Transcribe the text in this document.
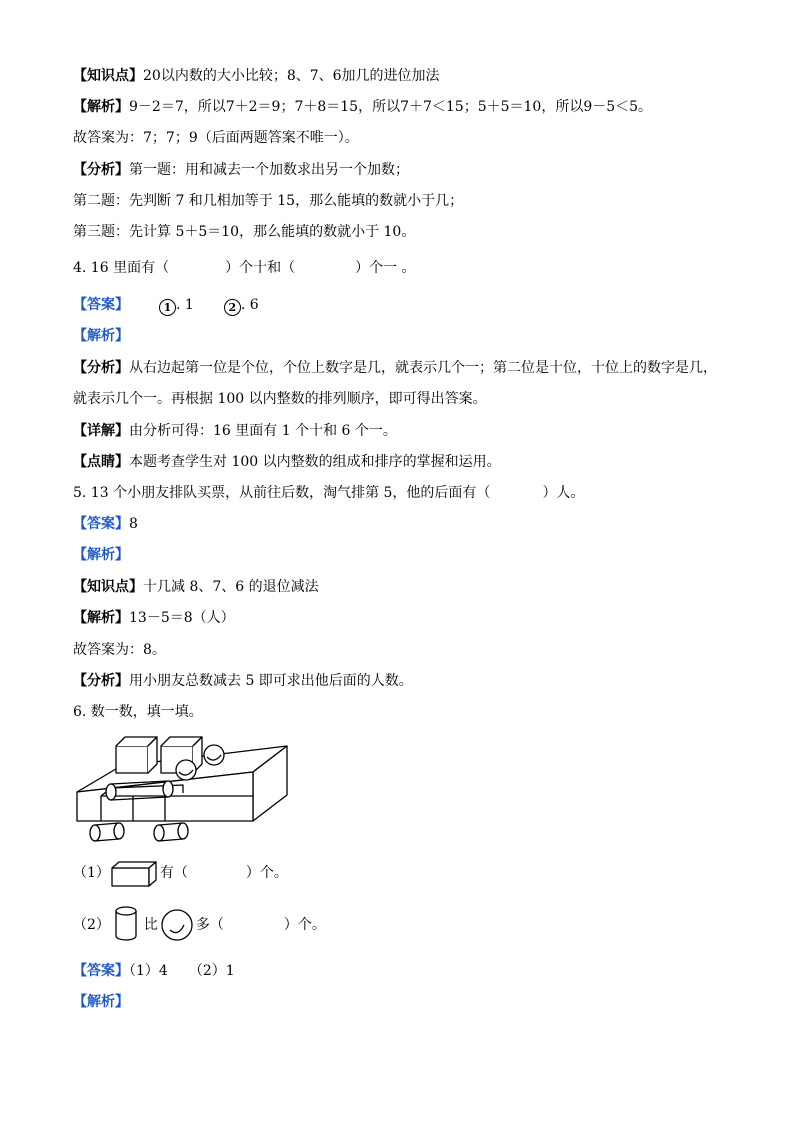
【知识点】20以内数的大小比较；8、7、6加几的进位加法
【解析】9－2＝7，所以7＋2＝9；7＋8＝15，所以7＋7＜15；5＋5＝10，所以9－5＜5。
故答案为：7；7；9（后面两题答案不唯一）。
【分析】第一题：用和减去一个加数求出另一个加数；
第二题：先判断 7 和几相加等于 15，那么能填的数就小于几；
第三题：先计算 5＋5＝10，那么能填的数就小于 10。
4. 16 里面有（	）个十和（	）个一 。
【答案】	1 . 1	2 . 6
【解析】
【分析】从右边起第一位是个位，个位上数字是几，就表示几个一；第二位是十位，十位上的数字是几，
就表示几个一。再根据 100 以内整数的排列顺序，即可得出答案。
【详解】由分析可得：16 里面有 1 个十和 6 个一。
【点睛】本题考查学生对 100 以内整数的组成和排序的掌握和运用。
5. 13 个小朋友排队买票，从前往后数，淘气排第 5，他的后面有（	）人。
【答案】8
【解析】
【知识点】十几减 8、7、6 的退位减法
【解析】13－5＝8（人）
故答案为：8。
【分析】用小朋友总数减去 5 即可求出他后面的人数。
6. 数一数，填一填。
（1）	有（	）个。
（2） 比	多（	）个。
【答案】（1）4　　（2）1
【解析】
